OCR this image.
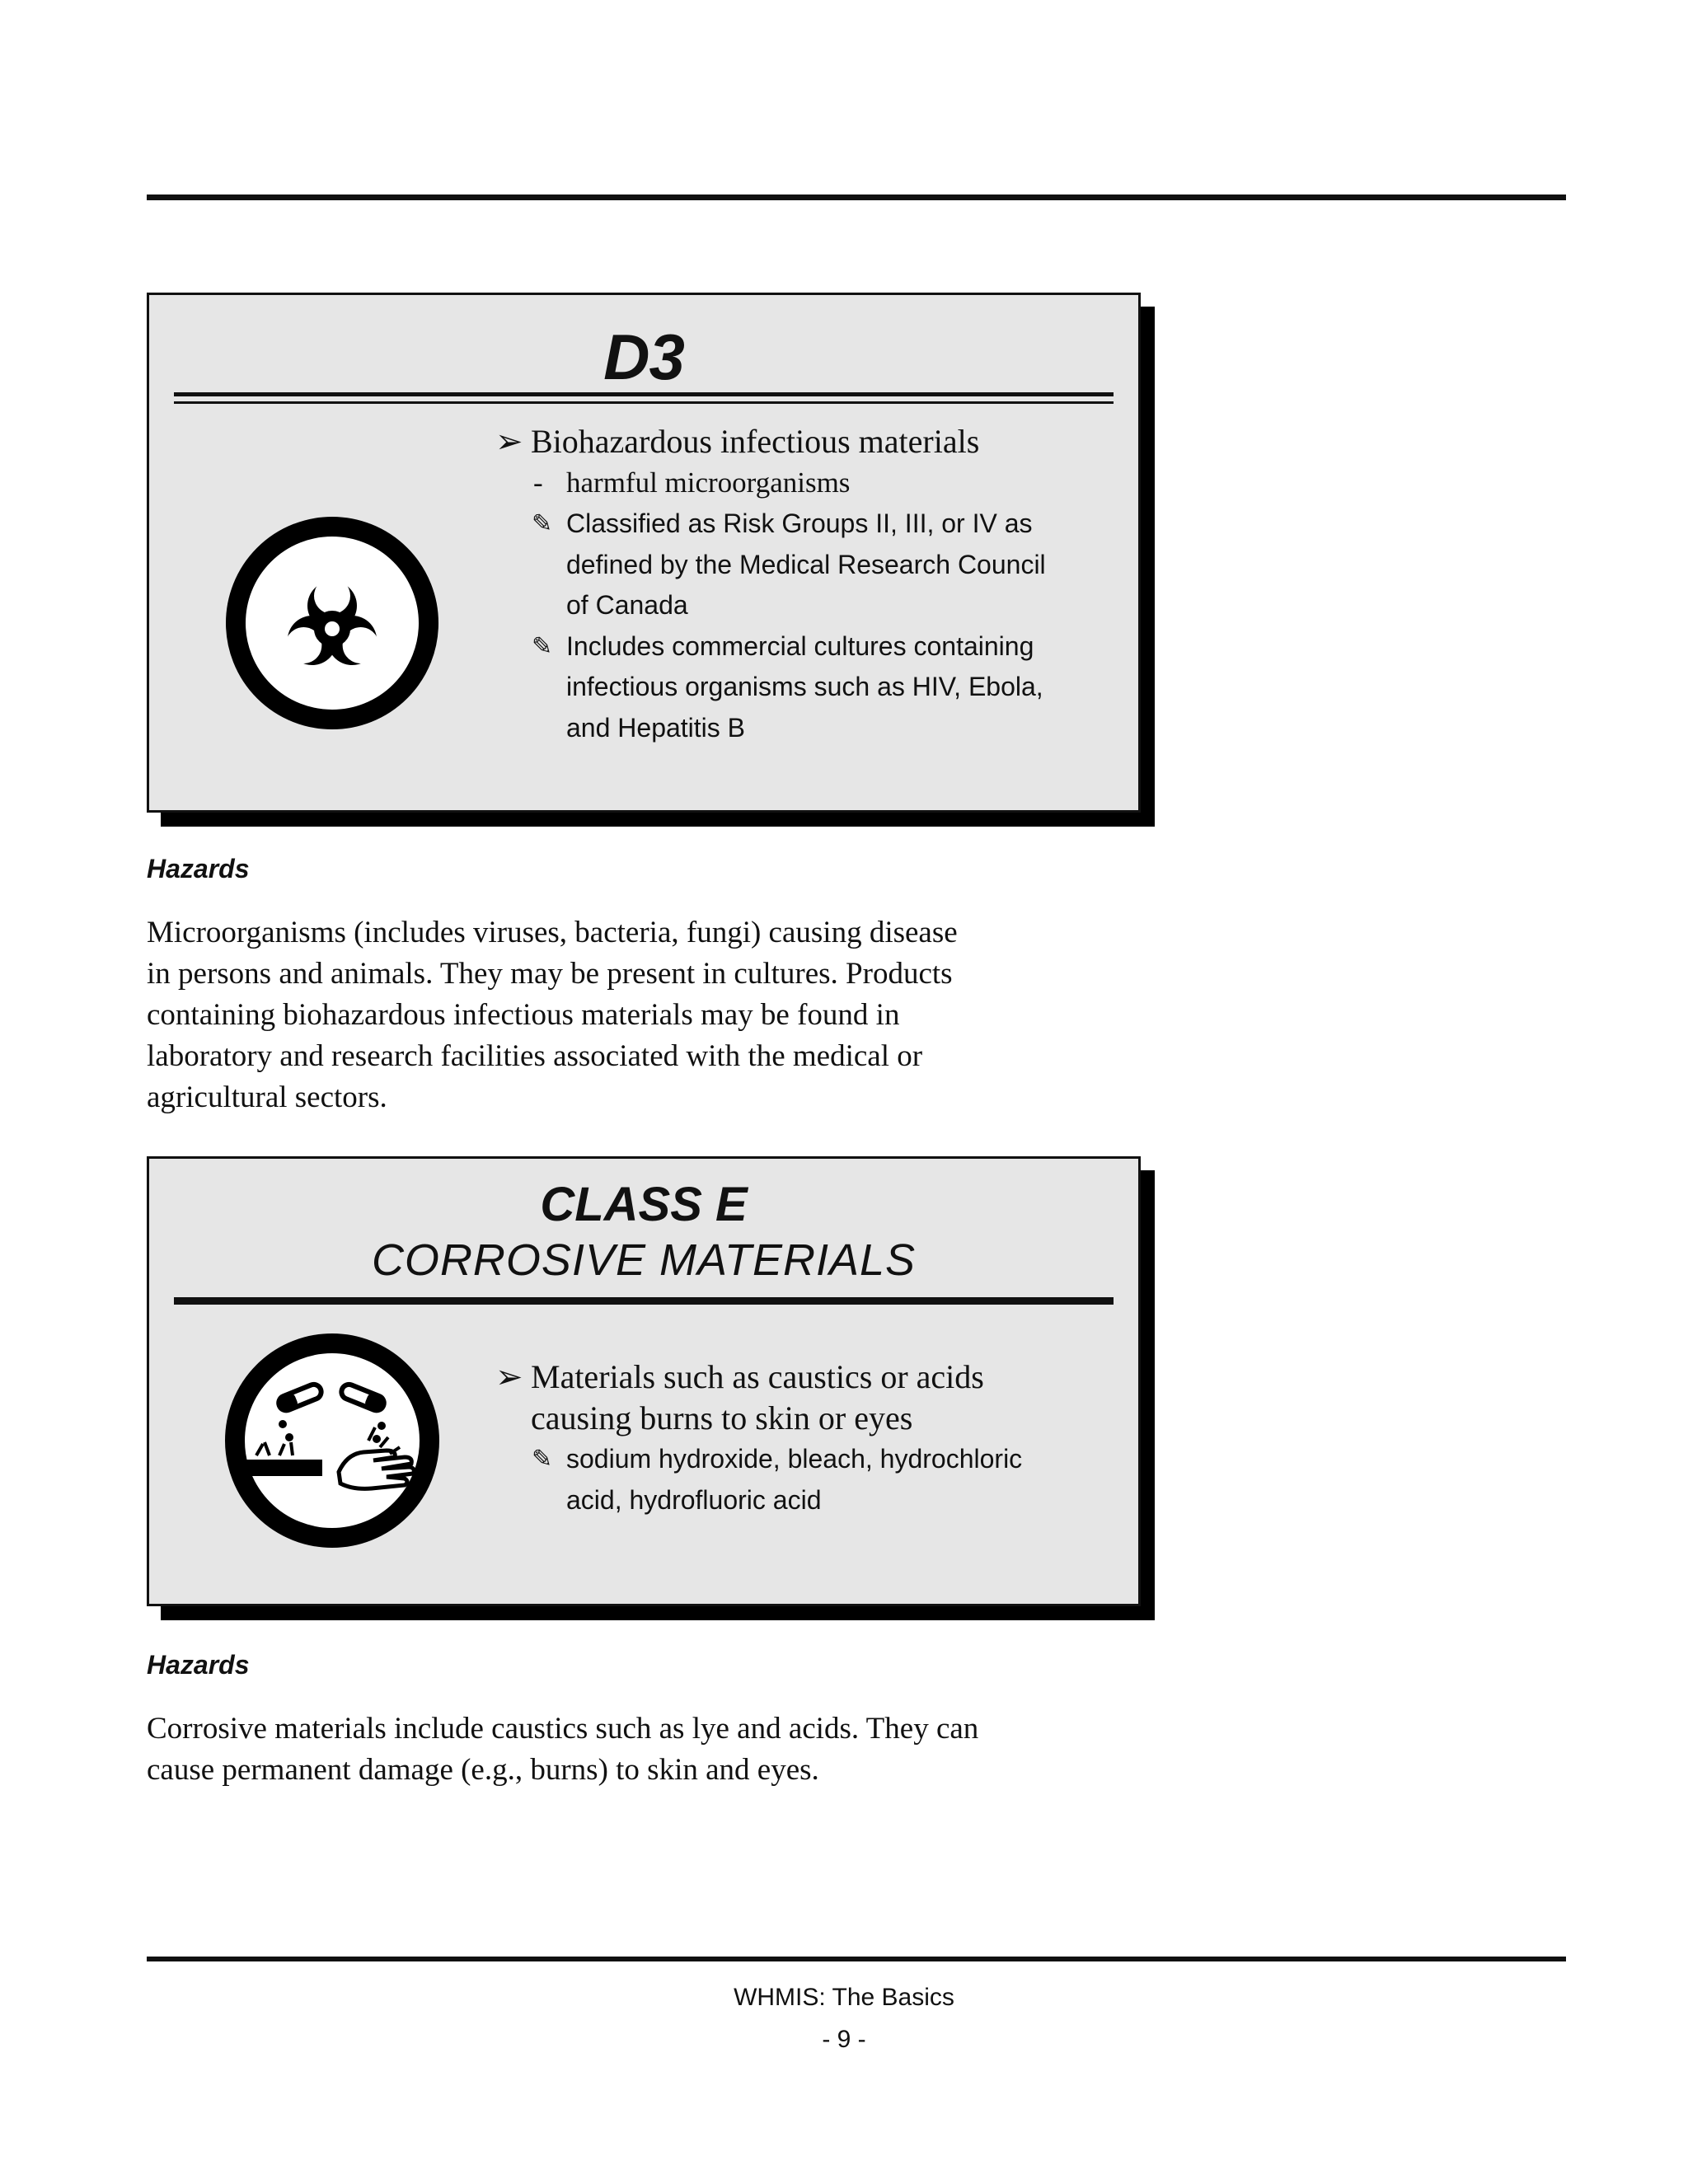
D3
➢ Biohazardous infectious materials
- harmful microorganisms
✎ Classified as Risk Groups II, III, or IV as
defined by the Medical Research Council
of Canada
✎ Includes commercial cultures containing
infectious organisms such as HIV, Ebola,
and Hepatitis B
Hazards
Microorganisms (includes viruses, bacteria, fungi) causing disease
in persons and animals. They may be present in cultures. Products
containing biohazardous infectious materials may be found in
laboratory and research facilities associated with the medical or
agricultural sectors.
CLASS E
CORROSIVE MATERIALS
➢ Materials such as caustics or acids
causing burns to skin or eyes
✎ sodium hydroxide, bleach, hydrochloric
acid, hydrofluoric acid
Hazards
Corrosive materials include caustics such as lye and acids. They can
cause permanent damage (e.g., burns) to skin and eyes.
WHMIS: The Basics
- 9 -
